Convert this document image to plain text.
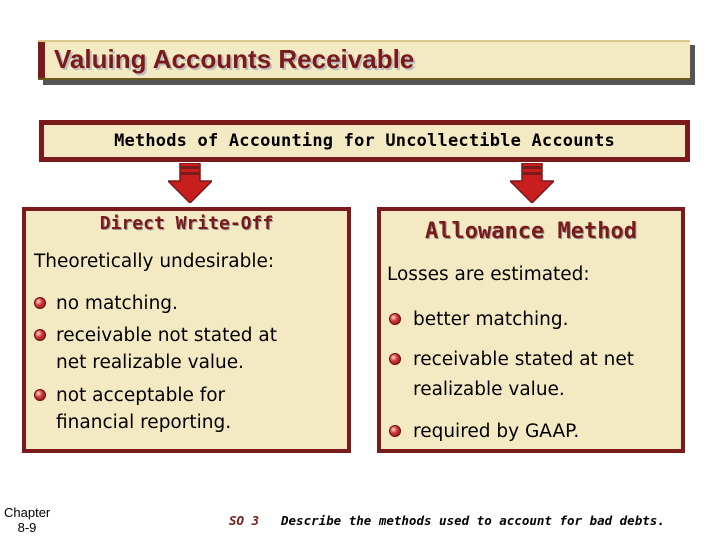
Valuing Accounts Receivable
Methods of Accounting for Uncollectible Accounts
Direct Write-Off
Theoretically undesirable:
no matching.
receivable not stated at
net realizable value.
not acceptable for
financial reporting.
Allowance Method
Losses are estimated:
better matching.
receivable stated at net
realizable value.
required by GAAP.
Chapter
8-9	SO 3 Describe the methods used to account for bad debts.
